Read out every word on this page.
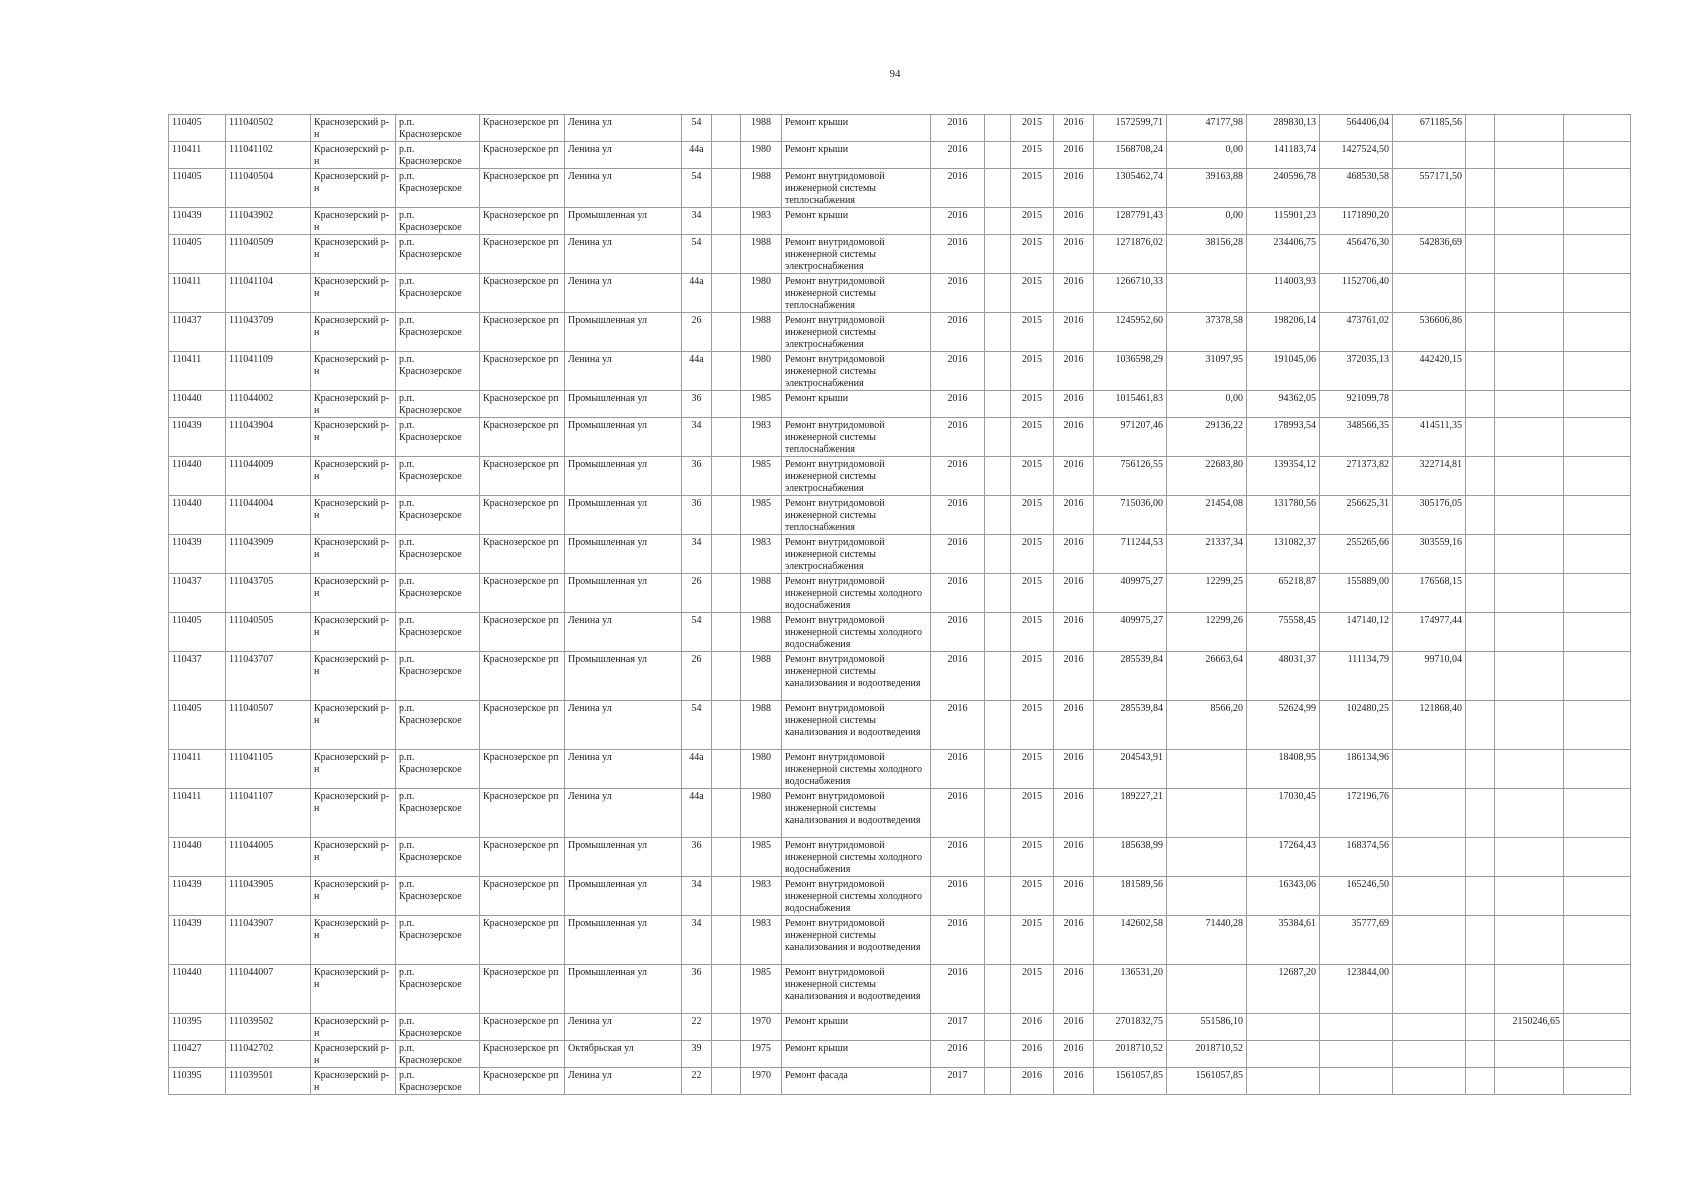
94
110405	111040502	Краснозерский р-н	р.п. Краснозерское	Краснозерское рп	Ленина ул	54		1988	Ремонт крыши	2016		2015	2016	1572599,71	47177,98	289830,13	564406,04	671185,56			
110411	111041102	Краснозерский р-н	р.п. Краснозерское	Краснозерское рп	Ленина ул	44а		1980	Ремонт крыши	2016		2015	2016	1568708,24	0,00	141183,74	1427524,50				
110405	111040504	Краснозерский р-н	р.п. Краснозерское	Краснозерское рп	Ленина ул	54		1988	Ремонт внутридомовой инженерной системы теплоснабжения	2016		2015	2016	1305462,74	39163,88	240596,78	468530,58	557171,50			
110439	111043902	Краснозерский р-н	р.п. Краснозерское	Краснозерское рп	Промышленная ул	34		1983	Ремонт крыши	2016		2015	2016	1287791,43	0,00	115901,23	1171890,20				
110405	111040509	Краснозерский р-н	р.п. Краснозерское	Краснозерское рп	Ленина ул	54		1988	Ремонт внутридомовой инженерной системы электроснабжения	2016		2015	2016	1271876,02	38156,28	234406,75	456476,30	542836,69			
110411	111041104	Краснозерский р-н	р.п. Краснозерское	Краснозерское рп	Ленина ул	44а		1980	Ремонт внутридомовой инженерной системы теплоснабжения	2016		2015	2016	1266710,33		114003,93	1152706,40				
110437	111043709	Краснозерский р-н	р.п. Краснозерское	Краснозерское рп	Промышленная ул	26		1988	Ремонт внутридомовой инженерной системы электроснабжения	2016		2015	2016	1245952,60	37378,58	198206,14	473761,02	536606,86			
110411	111041109	Краснозерский р-н	р.п. Краснозерское	Краснозерское рп	Ленина ул	44а		1980	Ремонт внутридомовой инженерной системы электроснабжения	2016		2015	2016	1036598,29	31097,95	191045,06	372035,13	442420,15			
110440	111044002	Краснозерский р-н	р.п. Краснозерское	Краснозерское рп	Промышленная ул	36		1985	Ремонт крыши	2016		2015	2016	1015461,83	0,00	94362,05	921099,78				
110439	111043904	Краснозерский р-н	р.п. Краснозерское	Краснозерское рп	Промышленная ул	34		1983	Ремонт внутридомовой инженерной системы теплоснабжения	2016		2015	2016	971207,46	29136,22	178993,54	348566,35	414511,35			
110440	111044009	Краснозерский р-н	р.п. Краснозерское	Краснозерское рп	Промышленная ул	36		1985	Ремонт внутридомовой инженерной системы электроснабжения	2016		2015	2016	756126,55	22683,80	139354,12	271373,82	322714,81			
110440	111044004	Краснозерский р-н	р.п. Краснозерское	Краснозерское рп	Промышленная ул	36		1985	Ремонт внутридомовой инженерной системы теплоснабжения	2016		2015	2016	715036,00	21454,08	131780,56	256625,31	305176,05			
110439	111043909	Краснозерский р-н	р.п. Краснозерское	Краснозерское рп	Промышленная ул	34		1983	Ремонт внутридомовой инженерной системы электроснабжения	2016		2015	2016	711244,53	21337,34	131082,37	255265,66	303559,16			
110437	111043705	Краснозерский р-н	р.п. Краснозерское	Краснозерское рп	Промышленная ул	26		1988	Ремонт внутридомовой инженерной системы холодного водоснабжения	2016		2015	2016	409975,27	12299,25	65218,87	155889,00	176568,15			
110405	111040505	Краснозерский р-н	р.п. Краснозерское	Краснозерское рп	Ленина ул	54		1988	Ремонт внутридомовой инженерной системы холодного водоснабжения	2016		2015	2016	409975,27	12299,26	75558,45	147140,12	174977,44			
110437	111043707	Краснозерский р-н	р.п. Краснозерское	Краснозерское рп	Промышленная ул	26		1988	Ремонт внутридомовой инженерной системы канализования и водоотведения	2016		2015	2016	285539,84	26663,64	48031,37	111134,79	99710,04			
110405	111040507	Краснозерский р-н	р.п. Краснозерское	Краснозерское рп	Ленина ул	54		1988	Ремонт внутридомовой инженерной системы канализования и водоотведения	2016		2015	2016	285539,84	8566,20	52624,99	102480,25	121868,40			
110411	111041105	Краснозерский р-н	р.п. Краснозерское	Краснозерское рп	Ленина ул	44а		1980	Ремонт внутридомовой инженерной системы холодного водоснабжения	2016		2015	2016	204543,91		18408,95	186134,96				
110411	111041107	Краснозерский р-н	р.п. Краснозерское	Краснозерское рп	Ленина ул	44а		1980	Ремонт внутридомовой инженерной системы канализования и водоотведения	2016		2015	2016	189227,21		17030,45	172196,76				
110440	111044005	Краснозерский р-н	р.п. Краснозерское	Краснозерское рп	Промышленная ул	36		1985	Ремонт внутридомовой инженерной системы холодного водоснабжения	2016		2015	2016	185638,99		17264,43	168374,56				
110439	111043905	Краснозерский р-н	р.п. Краснозерское	Краснозерское рп	Промышленная ул	34		1983	Ремонт внутридомовой инженерной системы холодного водоснабжения	2016		2015	2016	181589,56		16343,06	165246,50				
110439	111043907	Краснозерский р-н	р.п. Краснозерское	Краснозерское рп	Промышленная ул	34		1983	Ремонт внутридомовой инженерной системы канализования и водоотведения	2016		2015	2016	142602,58	71440,28	35384,61	35777,69				
110440	111044007	Краснозерский р-н	р.п. Краснозерское	Краснозерское рп	Промышленная ул	36		1985	Ремонт внутридомовой инженерной системы канализования и водоотведения	2016		2015	2016	136531,20		12687,20	123844,00				
110395	111039502	Краснозерский р-н	р.п. Краснозерское	Краснозерское рп	Ленина ул	22		1970	Ремонт крыши	2017		2016	2016	2701832,75	551586,10					2150246,65	
110427	111042702	Краснозерский р-н	р.п. Краснозерское	Краснозерское рп	Октябрьская ул	39		1975	Ремонт крыши	2016		2016	2016	2018710,52	2018710,52						
110395	111039501	Краснозерский р-н	р.п. Краснозерское	Краснозерское рп	Ленина ул	22		1970	Ремонт фасада	2017		2016	2016	1561057,85	1561057,85						
